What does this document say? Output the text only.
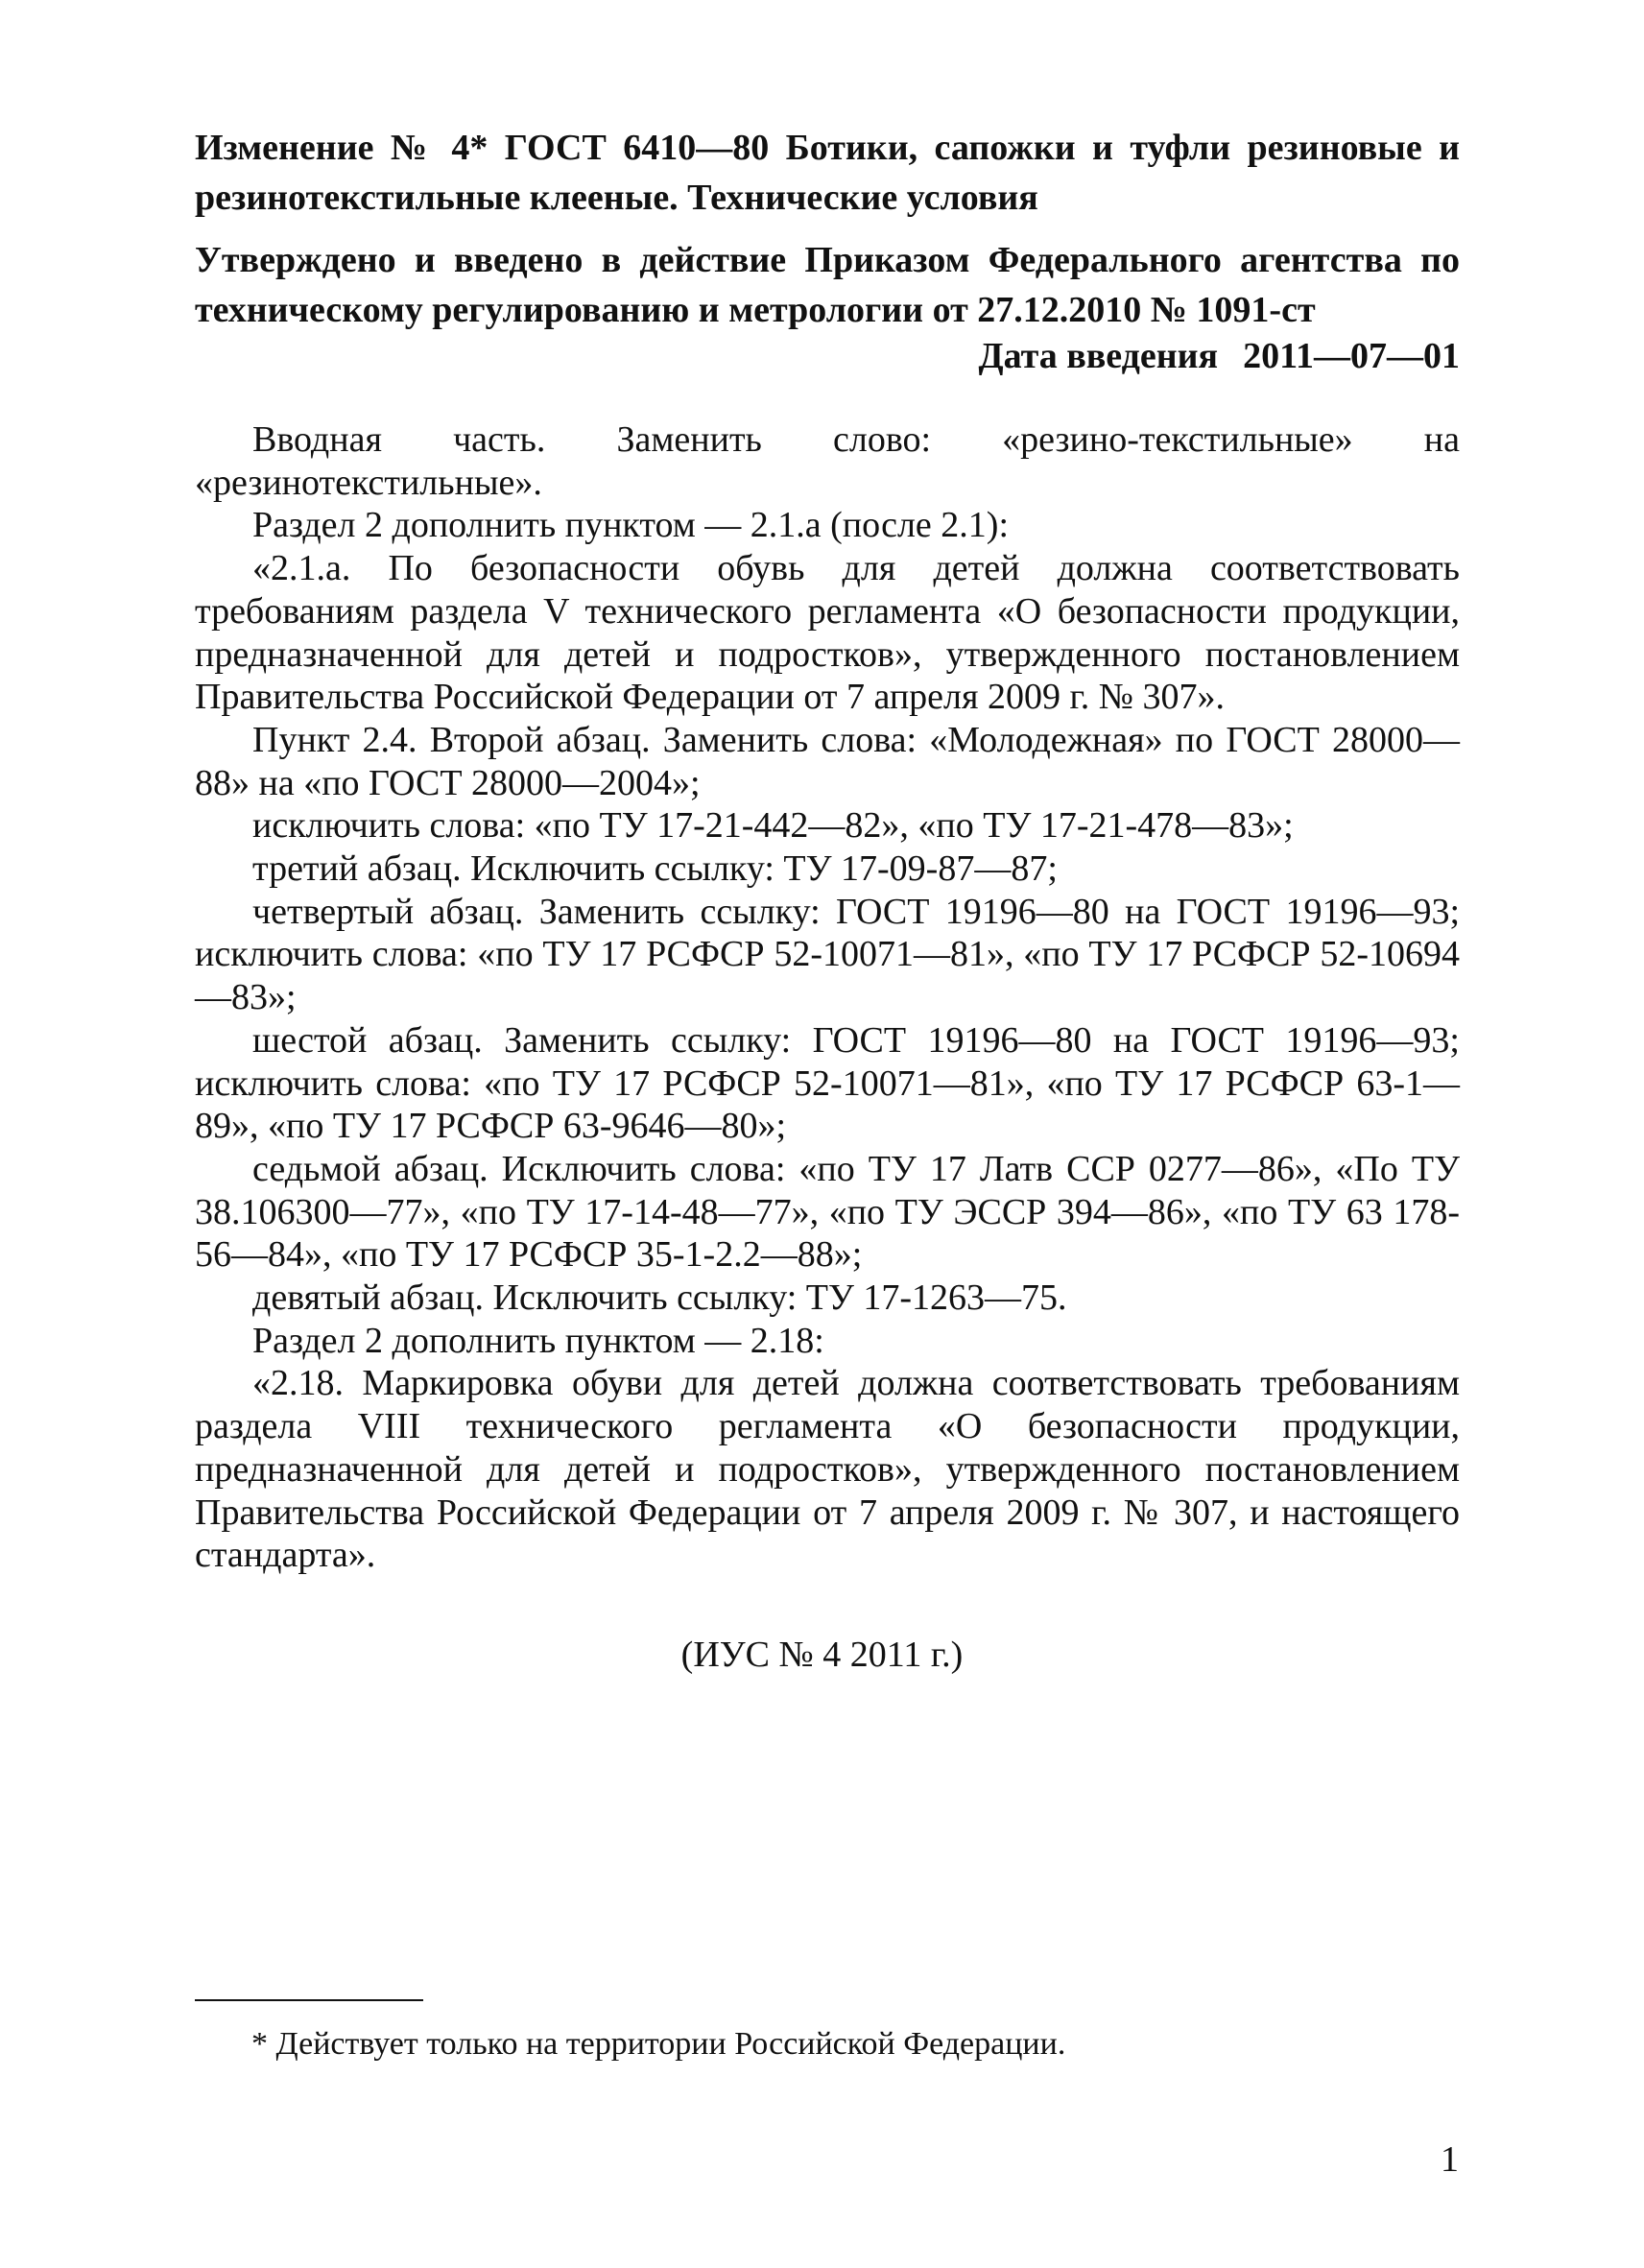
Изменение № 4* ГОСТ 6410—80 Ботики, сапожки и туфли резиновые и резинотекстильные клееные. Технические условия
Утверждено и введено в действие Приказом Федерального агентства по техническому регулированию и метрологии от 27.12.2010 № 1091-ст
Дата введения 2011—07—01

Вводная часть. Заменить слово: «резино-текстильные» на «резинотекстильные».

Раздел 2 дополнить пунктом — 2.1.а (после 2.1):

«2.1.а. По безопасности обувь для детей должна соответствовать требованиям раздела V технического регламента «О безопасности продукции, предназначенной для детей и подростков», утвержденного постановлением Правительства Российской Федерации от 7 апреля 2009 г. № 307».

Пункт 2.4. Второй абзац. Заменить слова: «Молодежная» по ГОСТ 28000—88» на «по ГОСТ 28000—2004»;

исключить слова: «по ТУ 17-21-442—82», «по ТУ 17-21-478—83»;

третий абзац. Исключить ссылку: ТУ 17-09-87—87;

четвертый абзац. Заменить ссылку: ГОСТ 19196—80 на ГОСТ 19196—93; исключить слова: «по ТУ 17 РСФСР 52-10071—81», «по ТУ 17 РСФСР 52-10694—83»;

шестой абзац. Заменить ссылку: ГОСТ 19196—80 на ГОСТ 19196—93; исключить слова: «по ТУ 17 РСФСР 52-10071—81», «по ТУ 17 РСФСР 63-1—89», «по ТУ 17 РСФСР 63-9646—80»;

седьмой абзац. Исключить слова: «по ТУ 17 Латв ССР 0277—86», «По ТУ 38.106300—77», «по ТУ 17-14-48—77», «по ТУ ЭССР 394—86», «по ТУ 63 178-56—84», «по ТУ 17 РСФСР 35-1-2.2—88»;

девятый абзац. Исключить ссылку: ТУ 17-1263—75.

Раздел 2 дополнить пунктом — 2.18:

«2.18. Маркировка обуви для детей должна соответствовать требованиям раздела VIII технического регламента «О безопасности продукции, предназначенной для детей и подростков», утвержденного постановлением Правительства Российской Федерации от 7 апреля 2009 г. № 307, и настоящего стандарта».

(ИУС № 4 2011 г.)
* Действует только на территории Российской Федерации.
1
